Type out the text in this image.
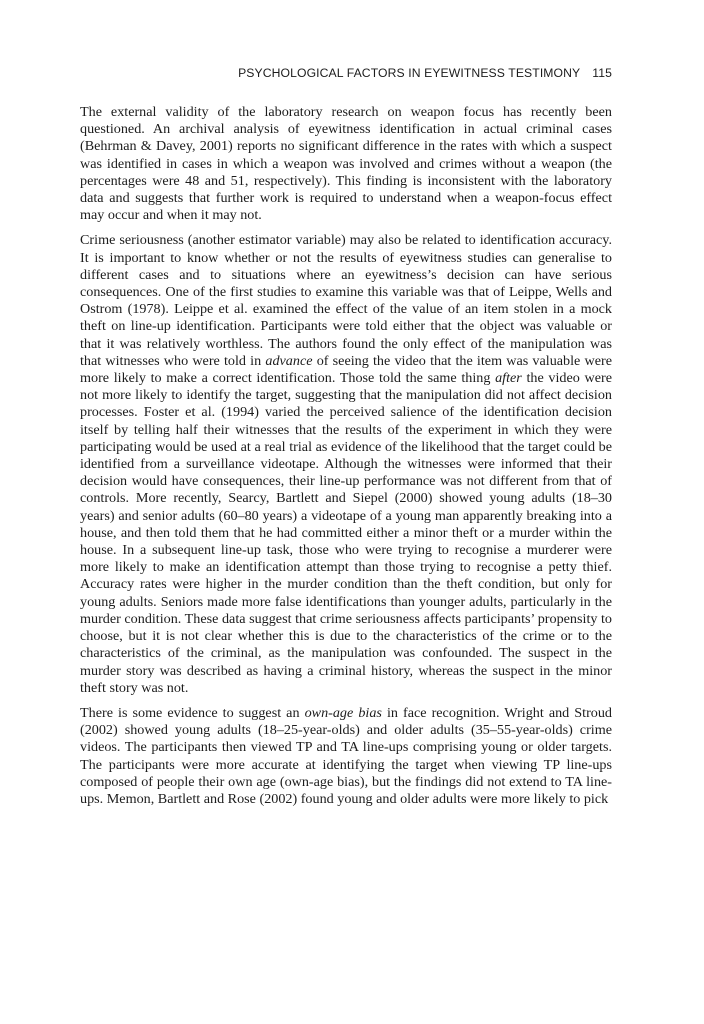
PSYCHOLOGICAL FACTORS IN EYEWITNESS TESTIMONY 115

The external validity of the laboratory research on weapon focus has recently been questioned. An archival analysis of eyewitness identification in actual criminal cases (Behrman & Davey, 2001) reports no significant difference in the rates with which a suspect was identified in cases in which a weapon was involved and crimes without a weapon (the percentages were 48 and 51, respectively). This finding is inconsistent with the laboratory data and suggests that further work is required to understand when a weapon-focus effect may occur and when it may not.

Crime seriousness (another estimator variable) may also be related to identification accuracy. It is important to know whether or not the results of eyewitness studies can generalise to different cases and to situations where an eyewitness’s decision can have serious consequences. One of the first studies to examine this variable was that of Leippe, Wells and Ostrom (1978). Leippe et al. examined the effect of the value of an item stolen in a mock theft on line-up identification. Participants were told either that the object was valuable or that it was relatively worthless. The authors found the only effect of the manipulation was that witnesses who were told in advance of seeing the video that the item was valuable were more likely to make a correct identification. Those told the same thing after the video were not more likely to identify the target, suggesting that the manipulation did not affect decision processes. Foster et al. (1994) varied the perceived salience of the identification decision itself by telling half their witnesses that the results of the experiment in which they were participating would be used at a real trial as evidence of the likelihood that the target could be identified from a surveillance videotape. Although the witnesses were informed that their decision would have consequences, their line-up performance was not different from that of controls. More recently, Searcy, Bartlett and Siepel (2000) showed young adults (18–30 years) and senior adults (60–80 years) a videotape of a young man apparently breaking into a house, and then told them that he had committed either a minor theft or a murder within the house. In a subsequent line-up task, those who were trying to recognise a murderer were more likely to make an identification attempt than those trying to recognise a petty thief. Accuracy rates were higher in the murder condition than the theft condition, but only for young adults. Seniors made more false identifications than younger adults, particularly in the murder condition. These data suggest that crime seriousness affects participants’ propensity to choose, but it is not clear whether this is due to the characteristics of the crime or to the characteristics of the criminal, as the manipulation was confounded. The suspect in the murder story was described as having a criminal history, whereas the suspect in the minor theft story was not.

There is some evidence to suggest an own-age bias in face recognition. Wright and Stroud (2002) showed young adults (18–25-year-olds) and older adults (35–55-year-olds) crime videos. The participants then viewed TP and TA line-ups comprising young or older targets. The participants were more accurate at identifying the target when viewing TP line-ups composed of people their own age (own-age bias), but the findings did not extend to TA line-ups. Memon, Bartlett and Rose (2002) found young and older adults were more likely to pick
